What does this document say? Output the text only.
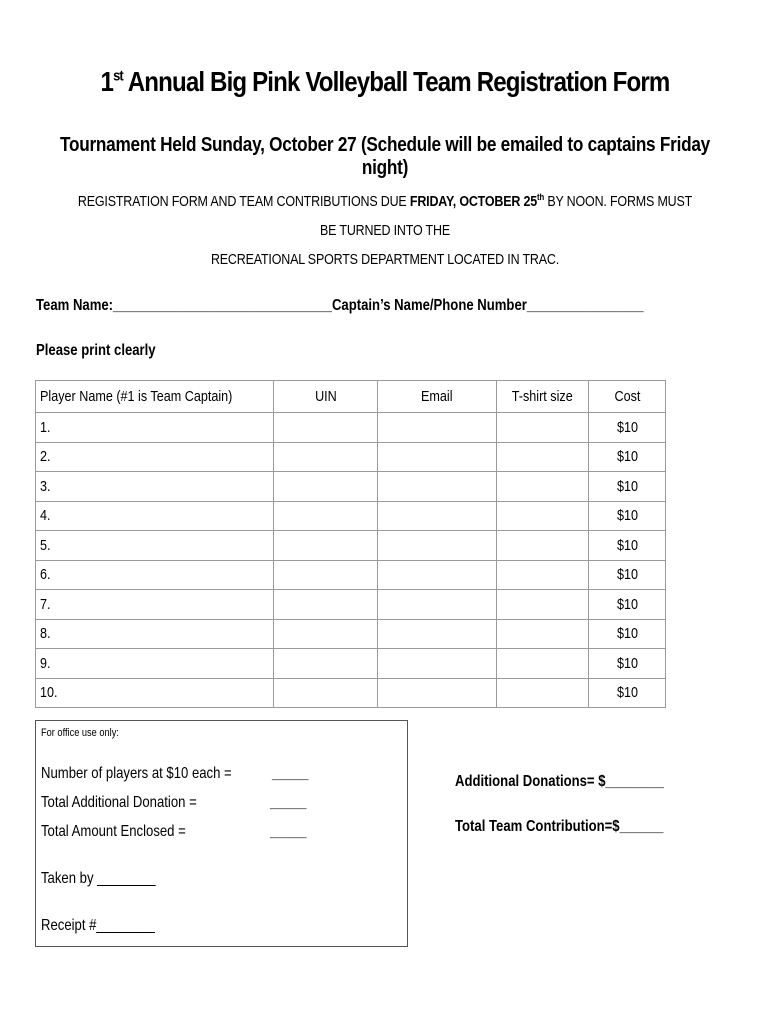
1st Annual Big Pink Volleyball Team Registration Form
Tournament Held Sunday, October 27 (Schedule will be emailed to captains Friday night)
REGISTRATION FORM AND TEAM CONTRIBUTIONS DUE FRIDAY, OCTOBER 25th BY NOON. FORMS MUST BE TURNED INTO THE
RECREATIONAL SPORTS DEPARTMENT LOCATED IN TRAC.
Team Name:______________________________Captain’s Name/Phone Number________________
Please print clearly
Player Name (#1 is Team Captain)	UIN	Email	T-shirt size	Cost
1.				$10
2.				$10
3.				$10
4.				$10
5.				$10
6.				$10
7.				$10
8.				$10
9.				$10
10.				$10
For office use only:
Number of players at $10 each =	_____
Total Additional Donation =	_____
Total Amount Enclosed =	_____
Taken by ________
Receipt #________
Additional Donations= $________
Total Team Contribution=$______
